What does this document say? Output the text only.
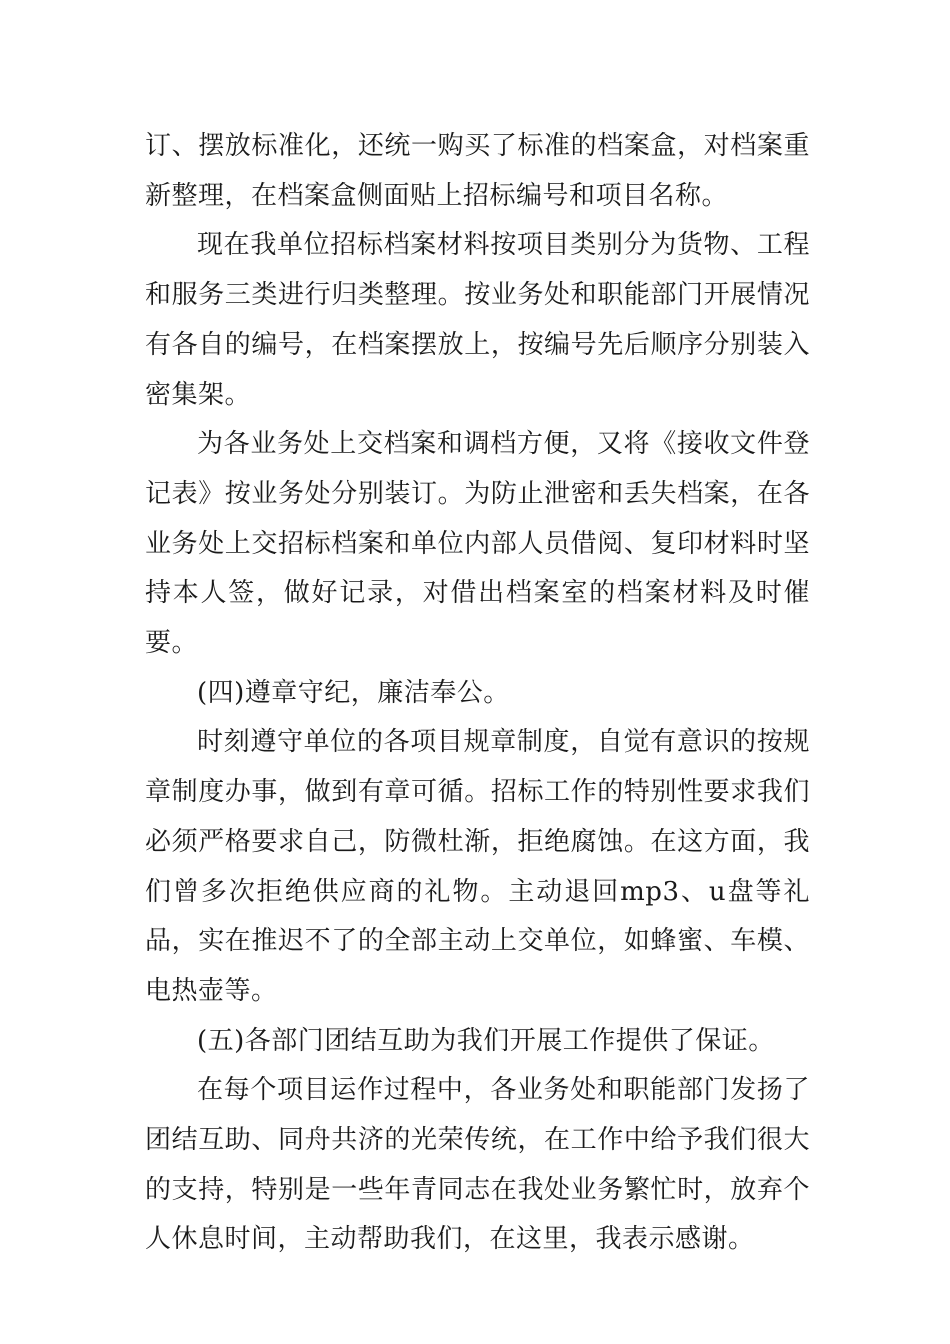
订、摆放标准化，还统一购买了标准的档案盒，对档案重新整理，在档案盒侧面贴上招标编号和项目名称。

现在我单位招标档案材料按项目类别分为货物、工程和服务三类进行归类整理。按业务处和职能部门开展情况有各自的编号，在档案摆放上，按编号先后顺序分别装入密集架。

为各业务处上交档案和调档方便，又将《接收文件登记表》按业务处分别装订。为防止泄密和丢失档案，在各业务处上交招标档案和单位内部人员借阅、复印材料时坚持本人签，做好记录，对借出档案室的档案材料及时催要。

(四)遵章守纪，廉洁奉公。

时刻遵守单位的各项目规章制度，自觉有意识的按规章制度办事，做到有章可循。招标工作的特别性要求我们必须严格要求自己，防微杜渐，拒绝腐蚀。在这方面，我们曾多次拒绝供应商的礼物。主动退回mp3、u盘等礼品，实在推迟不了的全部主动上交单位，如蜂蜜、车模、电热壶等。

(五)各部门团结互助为我们开展工作提供了保证。

在每个项目运作过程中，各业务处和职能部门发扬了团结互助、同舟共济的光荣传统，在工作中给予我们很大的支持，特别是一些年青同志在我处业务繁忙时，放弃个人休息时间，主动帮助我们，在这里，我表示感谢。
